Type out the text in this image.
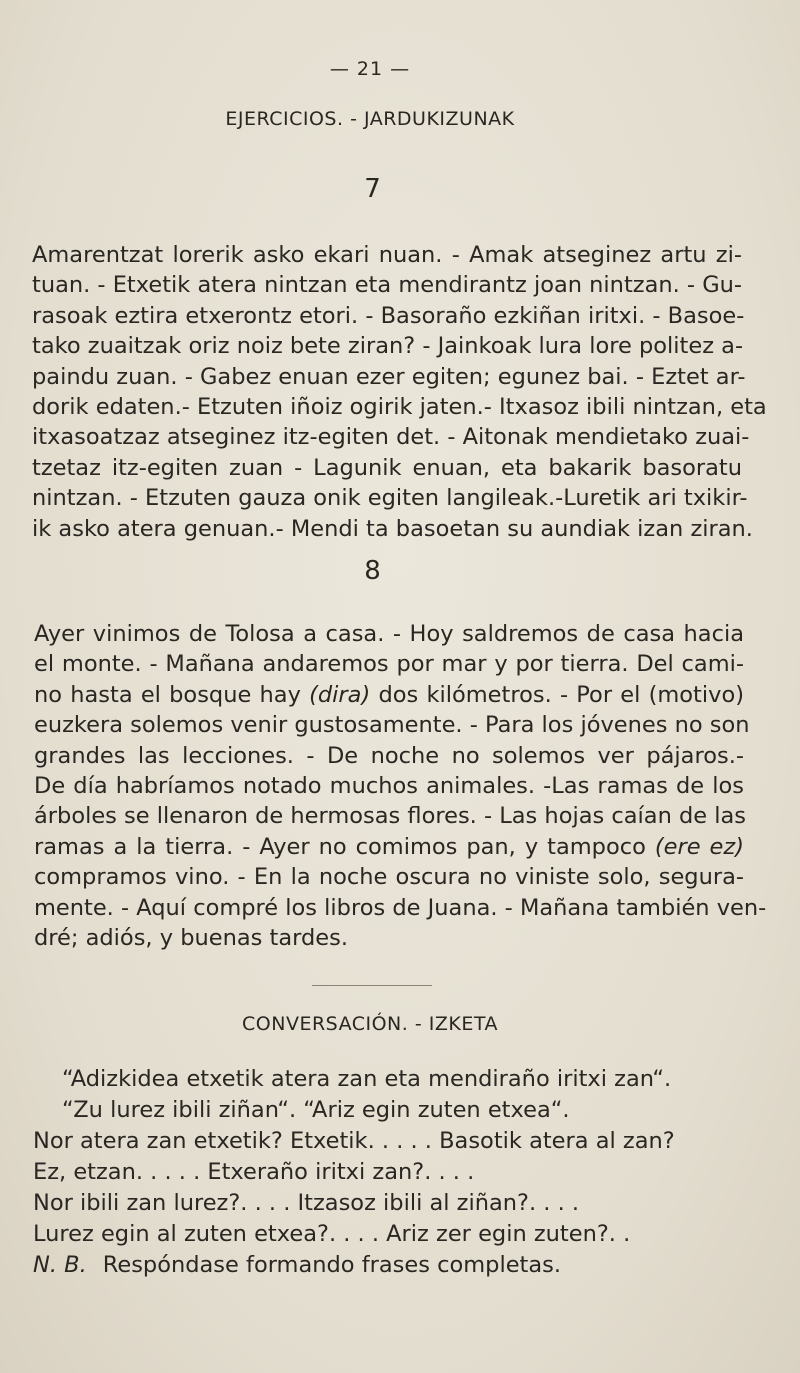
— 21 —
EJERCICIOS. - JARDUKIZUNAK
7
Amarentzat lorerik asko ekari nuan. - Amak atseginez artu zi-
tuan. - Etxetik atera nintzan eta mendirantz joan nintzan. - Gu-
rasoak eztira etxerontz etori. - Basoraño ezkiñan iritxi. - Basoe-
tako zuaitzak oriz noiz bete ziran? - Jainkoak lura lore politez a-
paindu zuan. - Gabez enuan ezer egiten; egunez bai. - Eztet ar-
dorik edaten.- Etzuten iñoiz ogirik jaten.- Itxasoz ibili nintzan, eta
itxasoatzaz atseginez itz-egiten det. - Aitonak mendietako zuai-
tzetaz itz-egiten zuan - Lagunik enuan, eta bakarik basoratu
nintzan. - Etzuten gauza onik egiten langileak.-Luretik ari txikir-
ik asko atera genuan.- Mendi ta basoetan su aundiak izan ziran.
8
Ayer vinimos de Tolosa a casa. - Hoy saldremos de casa hacia
el monte. - Mañana andaremos por mar y por tierra. Del cami-
no hasta el bosque hay (dira) dos kilómetros. - Por el (motivo)
euzkera solemos venir gustosamente. - Para los jóvenes no son
grandes las lecciones. - De noche no solemos ver pájaros.-
De día habríamos notado muchos animales. -Las ramas de los
árboles se llenaron de hermosas flores. - Las hojas caían de las
ramas a la tierra. - Ayer no comimos pan, y tampoco (ere ez)
compramos vino. - En la noche oscura no viniste solo, segura-
mente. - Aquí compré los libros de Juana. - Mañana también ven-
dré; adiós, y buenas tardes.
CONVERSACIÓN. - IZKETA
“Adizkidea etxetik atera zan eta mendiraño iritxi zan“.
“Zu lurez ibili ziñan“. “Ariz egin zuten etxea“.
Nor atera zan etxetik? Etxetik. . . . . Basotik atera al zan?
Ez, etzan. . . . . Etxeraño iritxi zan?. . . .
Nor ibili zan lurez?. . . . Itzasoz ibili al ziñan?. . . .
Lurez egin al zuten etxea?. . . . Ariz zer egin zuten?. .
N. B. Respóndase formando frases completas.
